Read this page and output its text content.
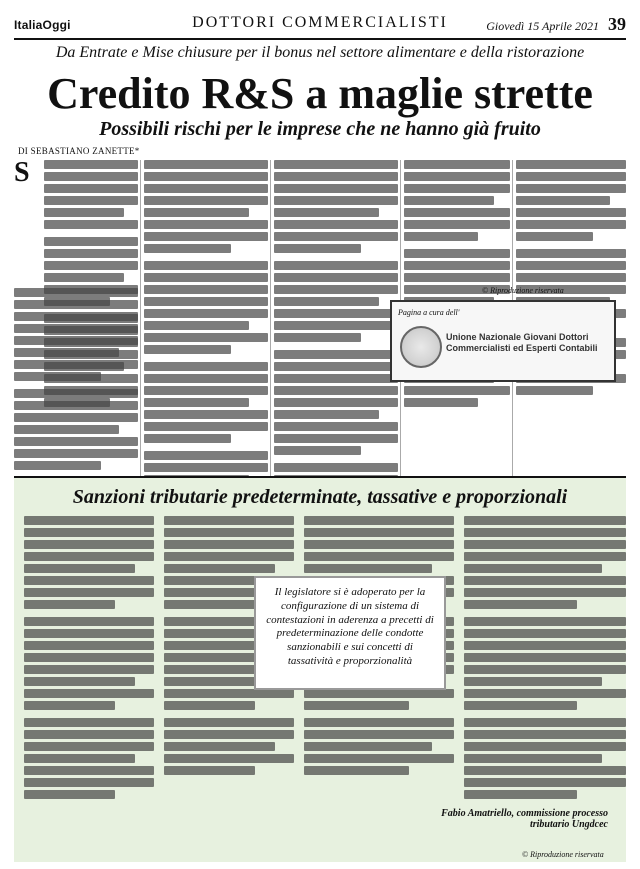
ItaliaOggi	DOTTORI COMMERCIALISTI	Giovedì 15 Aprile 2021 39
Da Entrate e Mise chiusure per il bonus nel settore alimentare e della ristorazione
Credito R&S a maglie strette
Possibili rischi per le imprese che ne hanno già fruito
DI SEBASTIANO ZANETTE*
S
© Riproduzione riservata
Pagina a cura dell'
Unione Nazionale Giovani Dottori Commercialisti ed Esperti Contabili
Sanzioni tributarie predeterminate, tassative e proporzionali
Il legislatore si è adoperato per la configurazione di un sistema di contestazioni in aderenza a precetti di predeterminazione delle condotte sanzionabili e sui concetti di tassatività e proporzionalità
Fabio Amatriello, commissione processo tributario Ungdcec
© Riproduzione riservata
